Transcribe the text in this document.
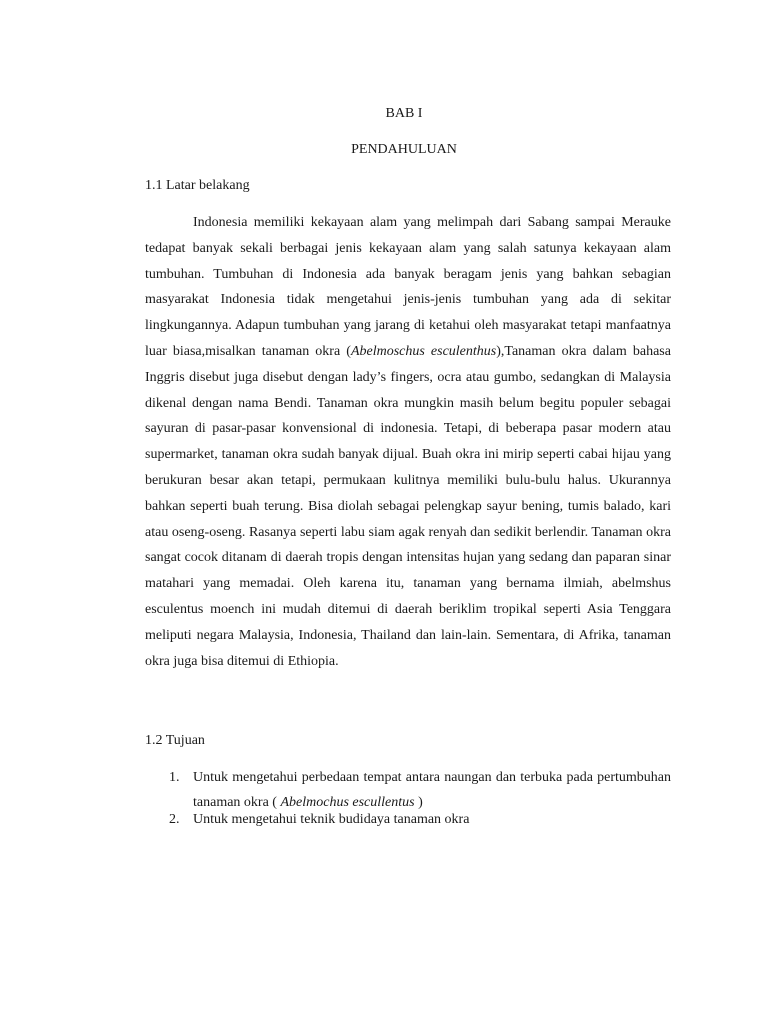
BAB I
PENDAHULUAN
1.1 Latar belakang

Indonesia memiliki kekayaan alam yang melimpah dari Sabang sampai Merauke tedapat banyak sekali berbagai jenis kekayaan alam yang salah satunya kekayaan alam tumbuhan. Tumbuhan di Indonesia ada banyak beragam jenis yang bahkan sebagian masyarakat Indonesia tidak mengetahui jenis-jenis tumbuhan yang ada di sekitar lingkungannya. Adapun tumbuhan yang jarang di ketahui oleh masyarakat tetapi manfaatnya luar biasa,misalkan tanaman okra (Abelmoschus esculenthus),Tanaman okra dalam bahasa Inggris disebut juga disebut dengan lady’s fingers, ocra atau gumbo, sedangkan di Malaysia dikenal dengan nama Bendi. Tanaman okra mungkin masih belum begitu populer sebagai sayuran di pasar-pasar konvensional di indonesia. Tetapi, di beberapa pasar modern atau supermarket, tanaman okra sudah banyak dijual. Buah okra ini mirip seperti cabai hijau yang berukuran besar akan tetapi, permukaan kulitnya memiliki bulu-bulu halus. Ukurannya bahkan seperti buah terung. Bisa diolah sebagai pelengkap sayur bening, tumis balado, kari atau oseng-oseng. Rasanya seperti labu siam agak renyah dan sedikit berlendir. Tanaman okra sangat cocok ditanam di daerah tropis dengan intensitas hujan yang sedang dan paparan sinar matahari yang memadai. Oleh karena itu, tanaman yang bernama ilmiah, abelmshus esculentus moench ini mudah ditemui di daerah beriklim tropikal seperti Asia Tenggara meliputi negara Malaysia, Indonesia, Thailand dan lain-lain. Sementara, di Afrika, tanaman okra juga bisa ditemui di Ethiopia.

1.2 Tujuan
1. Untuk mengetahui perbedaan tempat antara naungan dan terbuka pada pertumbuhan tanaman okra ( Abelmochus escullentus )
2. Untuk mengetahui teknik budidaya tanaman okra
